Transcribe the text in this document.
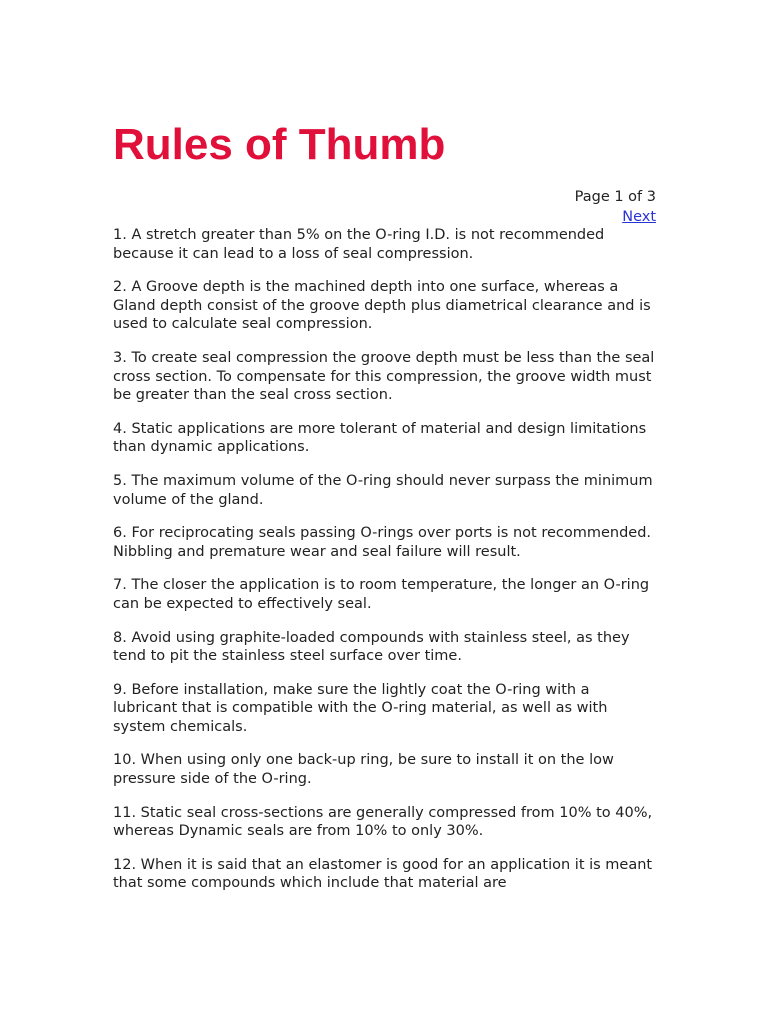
Rules of Thumb
Page 1 of 3
Next
1. A stretch greater than 5% on the O-ring I.D. is not recommended because it can lead to a loss of seal compression.
2. A Groove depth is the machined depth into one surface, whereas a Gland depth consist of the groove depth plus diametrical clearance and is used to calculate seal compression.
3. To create seal compression the groove depth must be less than the seal cross section. To compensate for this compression, the groove width must be greater than the seal cross section.
4. Static applications are more tolerant of material and design limitations than dynamic applications.
5. The maximum volume of the O-ring should never surpass the minimum volume of the gland.
6. For reciprocating seals passing O-rings over ports is not recommended. Nibbling and premature wear and seal failure will result.
7. The closer the application is to room temperature, the longer an O-ring can be expected to effectively seal.
8. Avoid using graphite-loaded compounds with stainless steel, as they tend to pit the stainless steel surface over time.
9. Before installation, make sure the lightly coat the O-ring with a lubricant that is compatible with the O-ring material, as well as with system chemicals.
10. When using only one back-up ring, be sure to install it on the low pressure side of the O-ring.
11. Static seal cross-sections are generally compressed from 10% to 40%, whereas Dynamic seals are from 10% to only 30%.
12. When it is said that an elastomer is good for an application it is meant that some compounds which include that material are
